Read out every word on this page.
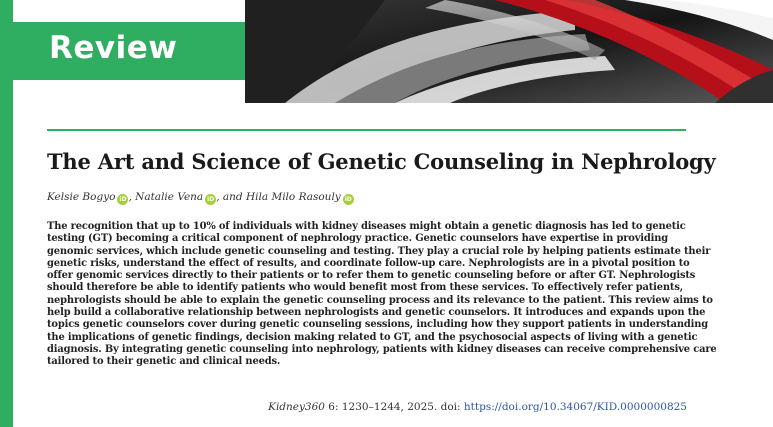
Review
The Art and Science of Genetic Counseling in Nephrology
Kelsie Bogyo iD , Natalie Vena iD , and Hila Milo Rasouly iD
The recognition that up to 10% of individuals with kidney diseases might obtain a genetic diagnosis has led to genetic
testing (GT) becoming a critical component of nephrology practice. Genetic counselors have expertise in providing
genomic services, which include genetic counseling and testing. They play a crucial role by helping patients estimate their
genetic risks, understand the effect of results, and coordinate follow-up care. Nephrologists are in a pivotal position to
offer genomic services directly to their patients or to refer them to genetic counseling before or after GT. Nephrologists
should therefore be able to identify patients who would benefit most from these services. To effectively refer patients,
nephrologists should be able to explain the genetic counseling process and its relevance to the patient. This review aims to
help build a collaborative relationship between nephrologists and genetic counselors. It introduces and expands upon the
topics genetic counselors cover during genetic counseling sessions, including how they support patients in understanding
the implications of genetic findings, decision making related to GT, and the psychosocial aspects of living with a genetic
diagnosis. By integrating genetic counseling into nephrology, patients with kidney diseases can receive comprehensive care
tailored to their genetic and clinical needs.
Kidney360 6: 1230–1244, 2025. doi: https://doi.org/10.34067/KID.0000000825
